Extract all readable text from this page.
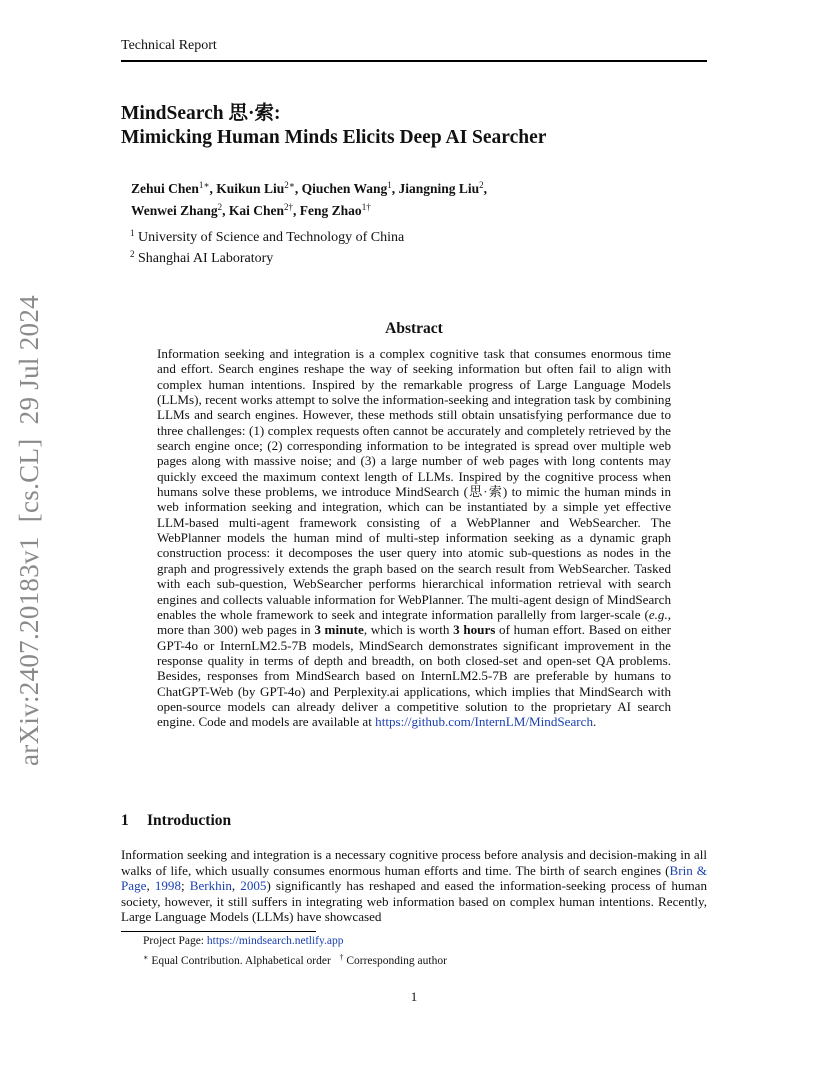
Technical Report
MindSearch 思·索:
Mimicking Human Minds Elicits Deep AI Searcher
Zehui Chen$^{1∗}$, Kuikun Liu$^{2∗}$, Qiuchen Wang$^1$, Jiangning Liu$^2$,
Wenwei Zhang$^2$, Kai Chen$^{2\dagger}$, Feng Zhao$^{1\dagger}$
$^1$ University of Science and Technology of China
$^2$ Shanghai AI Laboratory
arXiv:2407.20183v1  [cs.CL]  29 Jul 2024	Abstract
Information seeking and integration is a complex cognitive task that consumes enormous time and effort. Search engines reshape the way of seeking information but often fail to align with complex human intentions. Inspired by the remarkable progress of Large Language Models (LLMs), recent works attempt to solve the information-seeking and integration task by combining LLMs and search engines. However, these methods still obtain unsatisfying performance due to three challenges: (1) complex requests often cannot be accurately and completely retrieved by the search engine once; (2) corresponding information to be integrated is spread over multiple web pages along with massive noise; and (3) a large number of web pages with long contents may quickly exceed the maximum context length of LLMs. Inspired by the cognitive process when humans solve these problems, we introduce MindSearch (思·索) to mimic the human minds in web information seeking and integration, which can be instantiated by a simple yet effective LLM-based multi-agent framework consisting of a WebPlanner and WebSearcher. The WebPlanner models the human mind of multi-step information seeking as a dynamic graph construction process: it decomposes the user query into atomic sub-questions as nodes in the graph and progressively extends the graph based on the search result from WebSearcher. Tasked with each sub-question, WebSearcher performs hierarchical information retrieval with search engines and collects valuable information for WebPlanner. The multi-agent design of MindSearch enables the whole framework to seek and integrate information parallelly from larger-scale (e.g., more than 300) web pages in 3 minute, which is worth 3 hours of human effort. Based on either GPT-4o or InternLM2.5-7B models, MindSearch demonstrates significant improvement in the response quality in terms of depth and breadth, on both closed-set and open-set QA problems. Besides, responses from MindSearch based on InternLM2.5-7B are preferable by humans to ChatGPT-Web (by GPT-4o) and Perplexity.ai applications, which implies that MindSearch with open-source models can already deliver a competitive solution to the proprietary AI search engine. Code and models are available at https://github.com/InternLM/MindSearch.
1 Introduction
Information seeking and integration is a necessary cognitive process before analysis and decision-making in all walks of life, which usually consumes enormous human efforts and time. The birth of search engines (Brin & Page, 1998; Berkhin, 2005) significantly has reshaped and eased the information-seeking process of human society, however, it still suffers in integrating web information based on complex human intentions. Recently, Large Language Models (LLMs) have showcased
Project Page: https://mindsearch.netlify.app
∗ Equal Contribution. Alphabetical order † Corresponding author
1
